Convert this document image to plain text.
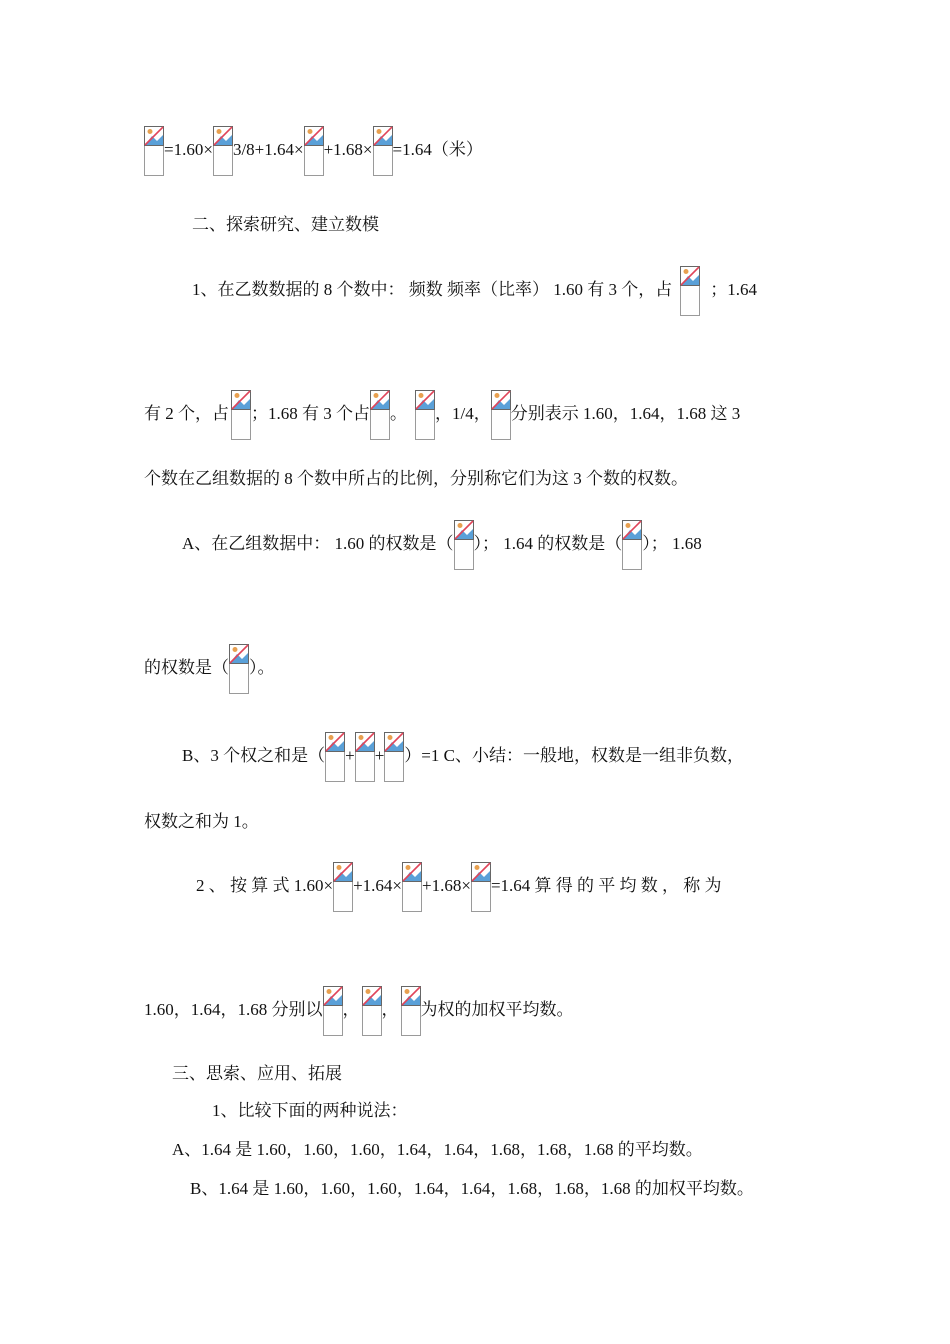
=1.60× 3/8+1.64× +1.68× =1.64（米）
二、探索研究、建立数模
1、在乙数数据的 8 个数中： 频数 频率（比率） 1.60 有 3 个，占 ；1.64
有 2 个，占 ；1.68 有 3 个占 。 ，1/4， 分别表示 1.60，1.64，1.68 这 3
个数在乙组数据的 8 个数中所占的比例，分别称它们为这 3 个数的权数。
A、在乙组数据中： 1.60 的权数是（ ）； 1.64 的权数是（ ）； 1.68
的权数是（ ）。
B、3 个权之和是（ + + ）=1 C、小结：一般地，权数是一组非负数，
权数之和为 1。
2 、 按 算 式 1.60× +1.64× +1.68× =1.64 算 得 的 平 均 数 ， 称 为
1.60，1.64，1.68 分别以 ， ， 为权的加权平均数。
三、思索、应用、拓展
1、比较下面的两种说法：
A、1.64 是 1.60，1.60，1.60，1.64，1.64，1.68，1.68，1.68 的平均数。
B、1.64 是 1.60，1.60，1.60，1.64，1.64，1.68，1.68，1.68 的加权平均数。
